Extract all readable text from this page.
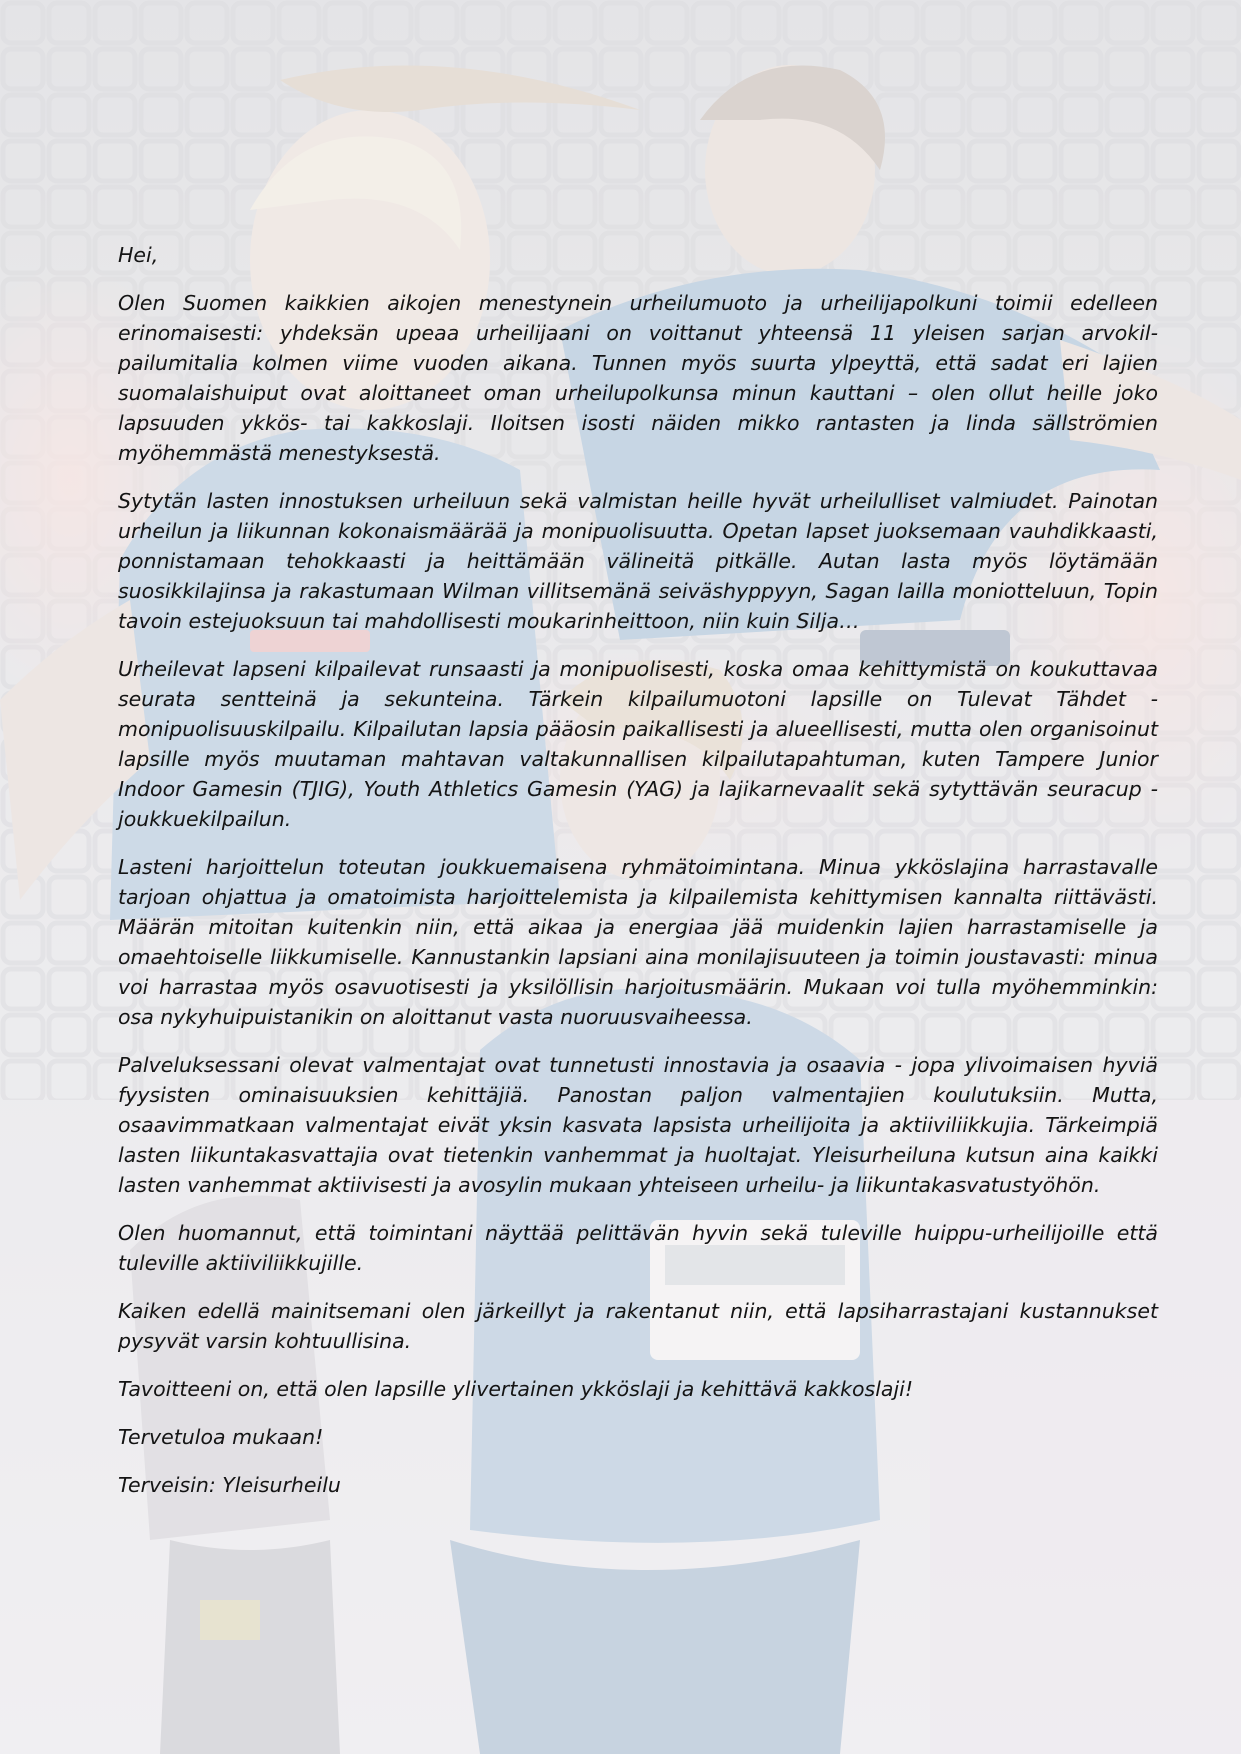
Hei,

Olen Suomen kaikkien aikojen menestynein urheilumuoto ja urheilijapolkuni toimii edelleen erinomaisesti: yhdeksän upeaa urheilijaani on voittanut yhteensä 11 yleisen sarjan arvokilpailumitalia kolmen viime vuoden aikana. Tunnen myös suurta ylpeyttä, että sadat eri lajien suomalaishuiput ovat aloittaneet oman urheilupolkunsa minun kauttani – olen ollut heille joko lapsuuden ykkös- tai kakkoslaji. Iloitsen isosti näiden mikko rantasten ja linda sällströmien myöhemmästä menestyksestä.

Sytytän lasten innostuksen urheiluun sekä valmistan heille hyvät urheilulliset valmiudet. Painotan urheilun ja liikunnan kokonaismäärää ja monipuolisuutta. Opetan lapset juoksemaan vauhdikkaasti, ponnistamaan tehokkaasti ja heittämään välineitä pitkälle. Autan lasta myös löytämään suosikkilajinsa ja rakastumaan Wilman villitsemänä seiväshyppyyn, Sagan lailla moniotteluun, Topin tavoin estejuoksuun tai mahdollisesti moukarinheittoon, niin kuin Silja…

Urheilevat lapseni kilpailevat runsaasti ja monipuolisesti, koska omaa kehittymistä on koukuttavaa seurata sentteinä ja sekunteina. Tärkein kilpailumuotoni lapsille on Tulevat Tähdet -monipuolisuuskilpailu. Kilpailutan lapsia pääosin paikallisesti ja alueellisesti, mutta olen organisoinut lapsille myös muutaman mahtavan valtakunnallisen kilpailutapahtuman, kuten Tampere Junior Indoor Gamesin (TJIG), Youth Athletics Gamesin (YAG) ja lajikarnevaalit sekä sytyttävän seuracup -joukkuekilpailun.

Lasteni harjoittelun toteutan joukkuemaisena ryhmätoimintana. Minua ykköslajina harrastavalle tarjoan ohjattua ja omatoimista harjoittelemista ja kilpailemista kehittymisen kannalta riittävästi. Määrän mitoitan kuitenkin niin, että aikaa ja energiaa jää muidenkin lajien harrastamiselle ja omaehtoiselle liikkumiselle. Kannustankin lapsiani aina monilajisuuteen ja toimin joustavasti: minua voi harrastaa myös osavuotisesti ja yksilöllisin harjoitusmäärin. Mukaan voi tulla myöhemminkin: osa nykyhuipuistanikin on aloittanut vasta nuoruusvaiheessa.

Palveluksessani olevat valmentajat ovat tunnetusti innostavia ja osaavia - jopa ylivoimaisen hyviä fyysisten ominaisuuksien kehittäjiä. Panostan paljon valmentajien koulutuksiin. Mutta, osaavimmatkaan valmentajat eivät yksin kasvata lapsista urheilijoita ja aktiiviliikkujia. Tärkeimpiä lasten liikuntakasvattajia ovat tietenkin vanhemmat ja huoltajat. Yleisurheiluna kutsun aina kaikki lasten vanhemmat aktiivisesti ja avosylin mukaan yhteiseen urheilu- ja liikuntakasvatustyöhön.

Olen huomannut, että toimintani näyttää pelittävän hyvin sekä tuleville huippu-urheilijoille että tuleville aktiiviliikkujille.

Kaiken edellä mainitsemani olen järkeillyt ja rakentanut niin, että lapsiharrastajani kustannukset pysyvät varsin kohtuullisina.

Tavoitteeni on, että olen lapsille ylivertainen ykköslaji ja kehittävä kakkoslaji!

Tervetuloa mukaan!

Terveisin: Yleisurheilu
